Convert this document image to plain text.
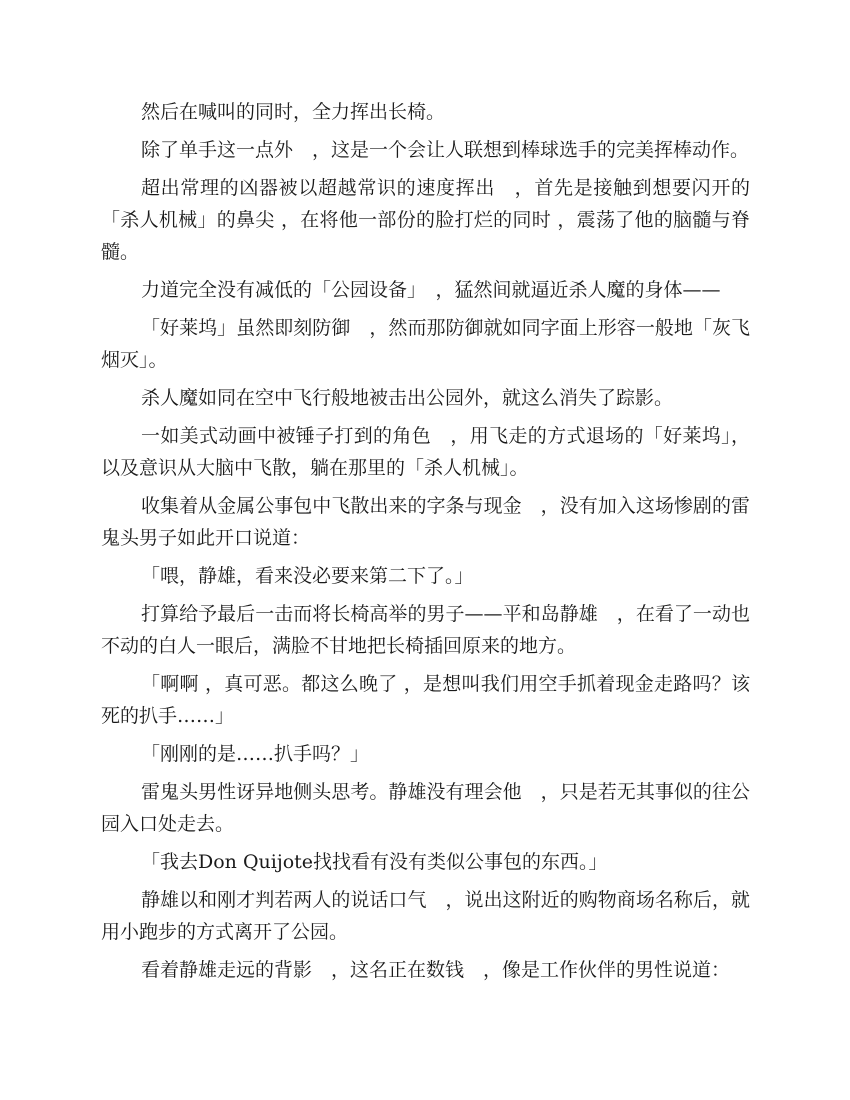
然后在喊叫的同时，全力挥出长椅。

除了单手这一点外　，这是一个会让人联想到棒球选手的完美挥棒动作。

超出常理的凶器被以超越常识的速度挥出　，首先是接触到想要闪开的「杀人机械」的鼻尖 ，在将他一部份的脸打烂的同时 ，震荡了他的脑髓与脊髓。

力道完全没有减低的「公园设备」　，猛然间就逼近杀人魔的身体——

「好莱坞」虽然即刻防御　，然而那防御就如同字面上形容一般地「灰飞烟灭」。

杀人魔如同在空中飞行般地被击出公园外，就这么消失了踪影。

一如美式动画中被锤子打到的角色　，用飞走的方式退场的「好莱坞」，以及意识从大脑中飞散，躺在那里的「杀人机械」。

收集着从金属公事包中飞散出来的字条与现金　，没有加入这场惨剧的雷鬼头男子如此开口说道：

「喂，静雄，看来没必要来第二下了。」

打算给予最后一击而将长椅高举的男子——平和岛静雄　，在看了一动也不动的白人一眼后，满脸不甘地把长椅插回原来的地方。

「啊啊 ，真可恶。都这么晚了 ，是想叫我们用空手抓着现金走路吗？该死的扒手……」

「刚刚的是……扒手吗？」

雷鬼头男性讶异地侧头思考。静雄没有理会他　，只是若无其事似的往公园入口处走去。

「我去Don Quijote找找看有没有类似公事包的东西。」

静雄以和刚才判若两人的说话口气　，说出这附近的购物商场名称后，就用小跑步的方式离开了公园。

看着静雄走远的背影　，这名正在数钱　，像是工作伙伴的男性说道：
